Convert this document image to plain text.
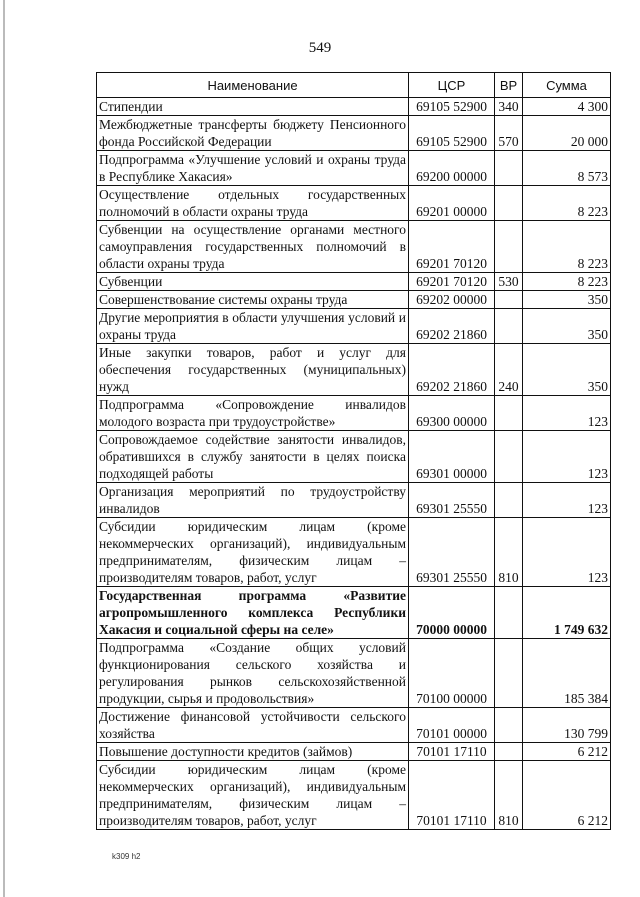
549
Наименование	ЦСР	ВР	Сумма
Стипендии	69105 52900	340	4 300
Межбюджетные трансферты бюджету Пенсионного фонда Российской Федерации	69105 52900	570	20 000
Подпрограмма «Улучшение условий и охраны труда в Республике Хакасия»	69200 00000		8 573
Осуществление отдельных государственных полномочий в области охраны труда	69201 00000		8 223
Субвенции на осуществление органами местного самоуправления государственных полномочий в области охраны труда	69201 70120		8 223
Субвенции	69201 70120	530	8 223
Совершенствование системы охраны труда	69202 00000		350
Другие мероприятия в области улучшения условий и охраны труда	69202 21860		350
Иные закупки товаров, работ и услуг для обеспечения государственных (муниципальных) нужд	69202 21860	240	350
Подпрограмма «Сопровождение инвалидов молодого возраста при трудоустройстве»	69300 00000		123
Сопровождаемое содействие занятости инвалидов, обратившихся в службу занятости в целях поиска подходящей работы	69301 00000		123
Организация мероприятий по трудоустройству инвалидов	69301 25550		123
Субсидии юридическим лицам (кроме некоммерческих организаций), индивидуальным предпринимателям, физическим лицам – производителям товаров, работ, услуг	69301 25550	810	123
Государственная программа «Развитие агропромышленного комплекса Республики Хакасия и социальной сферы на селе»	70000 00000		1 749 632
Подпрограмма «Создание общих условий функционирования сельского хозяйства и регулирования рынков сельскохозяйственной продукции, сырья и продовольствия»	70100 00000		185 384
Достижение финансовой устойчивости сельского хозяйства	70101 00000		130 799
Повышение доступности кредитов (займов)	70101 17110		6 212
Субсидии юридическим лицам (кроме некоммерческих организаций), индивидуальным предпринимателям, физическим лицам – производителям товаров, работ, услуг	70101 17110	810	6 212
k309 h2
